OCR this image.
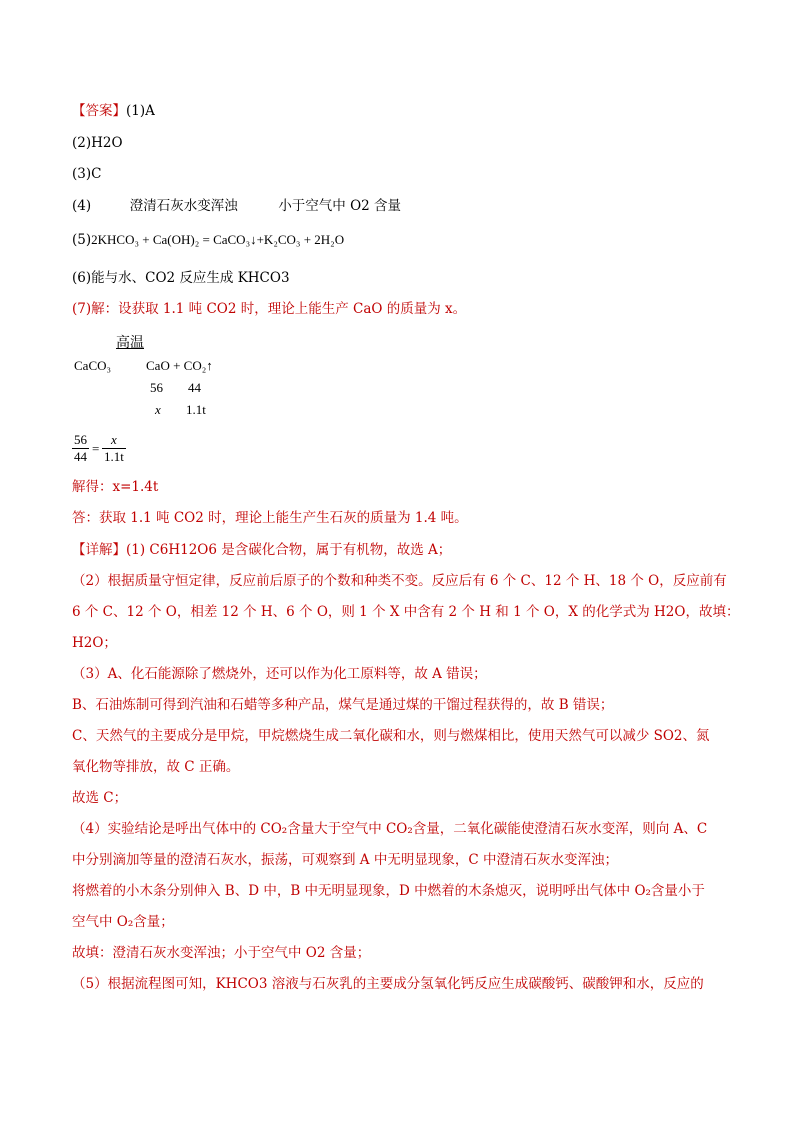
【答案】(1)A
(2)H2O
(3)C
(4)	澄清石灰水变浑浊	小于空气中 O2 含量
(5)2KHCO₃ + Ca(OH)₂ = CaCO₃↓+K₂CO₃ + 2H₂O
(6)能与水、CO2 反应生成 KHCO3
(7)解：设获取 1.1 吨 CO2 时，理论上能生产 CaO 的质量为 x。
高温
CaCO₃	CaO + CO₂↑
56 44
x 1.1t
$\frac{56}{44} = \frac{x}{1.1t}$
解得：x=1.4t
答：获取 1.1 吨 CO2 时，理论上能生产生石灰的质量为 1.4 吨。
【详解】(1) C6H12O6 是含碳化合物，属于有机物，故选 A；
（2）根据质量守恒定律，反应前后原子的个数和种类不变。反应后有 6 个 C、12 个 H、18 个 O，反应前有
6 个 C、12 个 O，相差 12 个 H、6 个 O，则 1 个 X 中含有 2 个 H 和 1 个 O，X 的化学式为 H2O，故填：
H2O；
（3）A、化石能源除了燃烧外，还可以作为化工原料等，故 A 错误；
B、石油炼制可得到汽油和石蜡等多种产品，煤气是通过煤的干馏过程获得的，故 B 错误；
C、天然气的主要成分是甲烷，甲烷燃烧生成二氧化碳和水，则与燃煤相比，使用天然气可以减少 SO2、氮
氧化物等排放，故 C 正确。
故选 C；
（4）实验结论是呼出气体中的 CO₂含量大于空气中 CO₂含量，二氧化碳能使澄清石灰水变浑，则向 A、C
中分别滴加等量的澄清石灰水，振荡，可观察到 A 中无明显现象，C 中澄清石灰水变浑浊；
将燃着的小木条分别伸入 B、D 中，B 中无明显现象，D 中燃着的木条熄灭，说明呼出气体中 O₂含量小于
空气中 O₂含量；
故填：澄清石灰水变浑浊；小于空气中 O2 含量；
（5）根据流程图可知，KHCO3 溶液与石灰乳的主要成分氢氧化钙反应生成碳酸钙、碳酸钾和水，反应的
